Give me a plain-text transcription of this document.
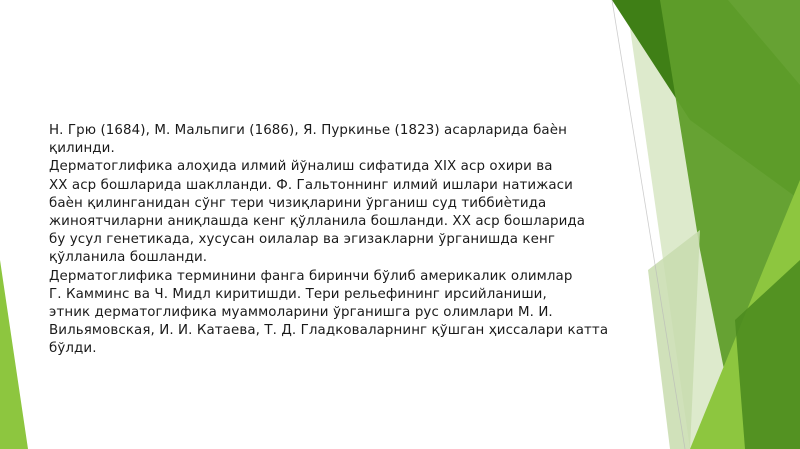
Н. Грю (1684), М. Мальпиги (1686), Я. Пуркинье (1823) асарларида баѐн
қилинди.

Дерматоглифика алоҳида илмий йўналиш сифатида XIX аср охири ва
XX аср бошларида шаклланди. Ф. Гальтоннинг илмий ишлари натижаси
баѐн қилинганидан сўнг тери чизиқларини ўрганиш суд тиббиѐтида
жиноятчиларни аниқлашда кенг қўлланила бошланди. XX аср бошларида
бу усул генетикада, хусусан оилалар ва эгизакларни ўрганишда кенг
қўлланила бошланди.

Дерматоглифика терминини фанга биринчи бўлиб америкалик олимлар
Г. Камминс ва Ч. Мидл киритишди. Тери рельефининг ирсийланиши,
этник дерматоглифика муаммоларини ўрганишга рус олимлари М. И.
Вильямовская, И. И. Катаева, Т. Д. Гладковаларнинг қўшган ҳиссалари катта
бўлди.
